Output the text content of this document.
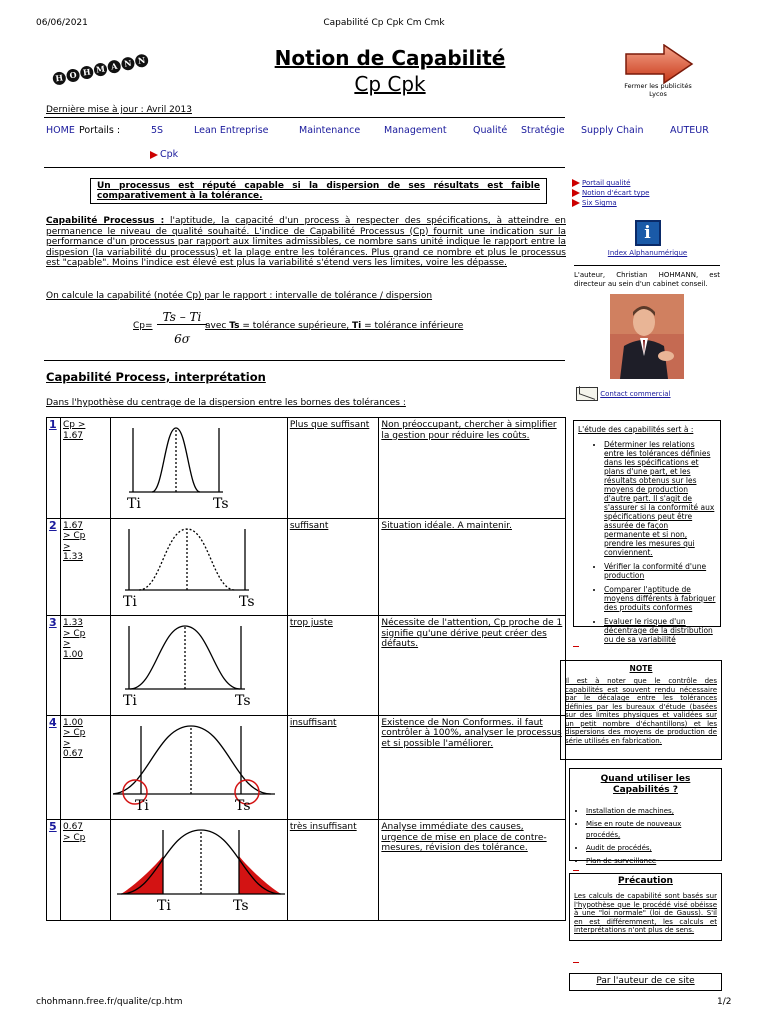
06/06/2021	Capabilité Cp Cpk Cm Cmk
H O H M A N N	Notion de Capabilité
Cp Cpk	Fermer les publicités Lycos
Dernière mise à jour : Avril 2013
HOME Portails :	5S	Lean Entreprise	Maintenance	Management	Qualité Stratégie Supply Chain	AUTEUR
Cpk
Un processus est réputé capable si la dispersion de ses résultats est faible comparativement à la tolérance.
Capabilité Processus : l'aptitude, la capacité d'un process à respecter des spécifications, à atteindre en permanence le niveau de qualité souhaité. L'indice de Capabilité Processus (Cp) fournit une indication sur la performance d'un processus par rapport aux limites admissibles, ce nombre sans unité indique le rapport entre la dispesion (la variabilité du processus) et la plage entre les tolérances. Plus grand ce nombre et plus le processus est "capable". Moins l'indice est élevé est plus la variabilité s'étend vers les limites, voire les dépasse.
On calcule la capabilité (notée Cp) par le rapport : intervalle de tolérance / dispersion
Cp=
Ts – Ti
6σ
avec Ts = tolérance supérieure, Ti = tolérance inférieure
Capabilité Process, interprétation
Dans l'hypothèse du centrage de la dispersion entre les bornes des tolérances :
1	Cp > 1.67	Ti Ts	Plus que suffisant	Non préoccupant, chercher à simplifier la gestion pour réduire les coûts.
2	1.67 > Cp > 1.33	Ti Ts	suffisant	Situation idéale. A maintenir.
3	1.33 > Cp > 1.00	Ti Ts	trop juste	Nécessite de l'attention, Cp proche de 1 signifie qu'une dérive peut créer des défauts.
4	1.00 > Cp > 0.67	Ti Ts	insuffisant	Existence de Non Conformes. il faut contrôler à 100%, analyser le processus et si possible l'améliorer.
5	0.67 > Cp	Ti Ts	très insuffisant	Analyse immédiate des causes, urgence de mise en place de contre-mesures, révision des tolérance.
Portail qualité
Notion d'écart type
Six Sigma
i
Index Alphanumérique
L'auteur, Christian HOHMANN, est directeur au sein d'un cabinet conseil.
Contact commercial
L'étude des capabilités sert à :
• Déterminer les relations entre les tolérances définies dans les spécifications et plans d'une part, et les résultats obtenus sur les moyens de production d'autre part. Il s'agit de s'assurer si la conformité aux spécifications peut être assurée de façon permanente et si non, prendre les mesures qui conviennent.
• Vérifier la conformité d'une production
• Comparer l'aptitude de moyens différents à fabriquer des produits conformes
• Evaluer le risque d'un décentrage de la distribution ou de sa variabilité
NOTE
Il est à noter que le contrôle des capabilités est souvent rendu nécessaire par le décalage entre les tolérances définies par les bureaux d'étude (basées sur des limites physiques et validées sur un petit nombre d'échantillons) et les dispersions des moyens de production de série utilisés en fabrication.
Quand utiliser les Capabilités ?
• Installation de machines,
• Mise en route de nouveaux procédés,
• Audit de procédés,
• Plan de surveillance
Précaution
Les calculs de capabilité sont basés sur l'hypothèse que le procédé visé obéisse à une "loi normale" (loi de Gauss). S'il en est différemment, les calculs et interprétations n'ont plus de sens.
Par l'auteur de ce site
chohmann.free.fr/qualite/cp.htm	1/2
